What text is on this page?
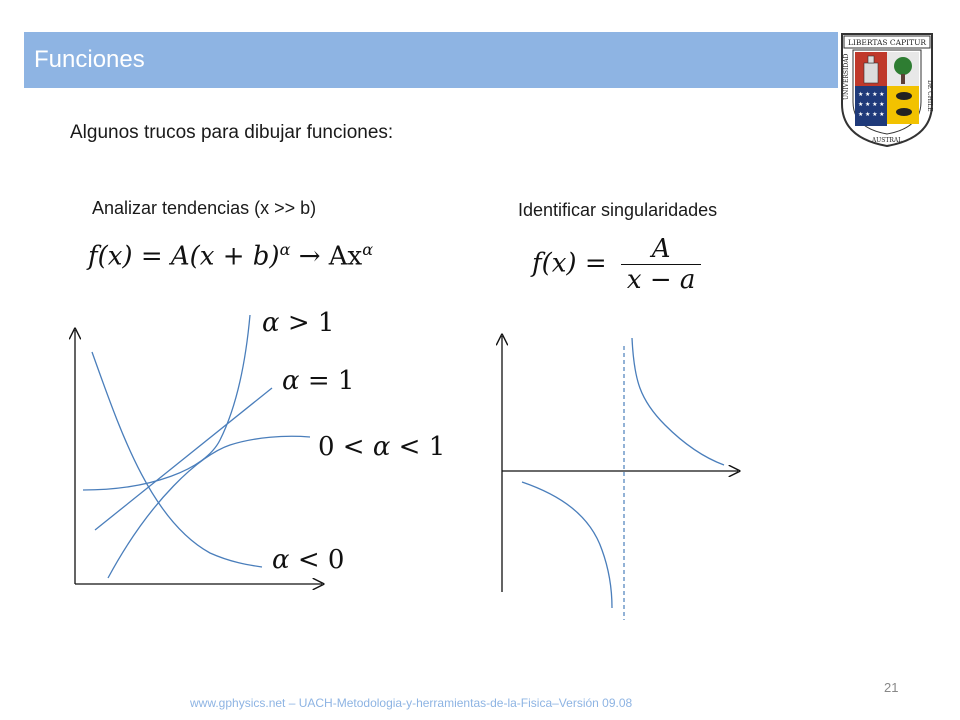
Funciones
LIBERTAS CAPITUR
★ ★ ★ ★
★ ★ ★ ★
★ ★ ★ ★
UNIVERSIDAD	DE CHILE
AUSTRAL
Algunos trucos para dibujar funciones:
Analizar tendencias (x >> b)	Identificar singularidades
$f(x) = A(x + b)^\alpha \to Ax^\alpha$	$f(x) = \frac{A}{x - a}$
α > 1
α = 1
0 < α < 1
α < 0
21
www.gphysics.net – UACH-Metodologia-y-herramientas-de-la-Fisica–Versión 09.08
